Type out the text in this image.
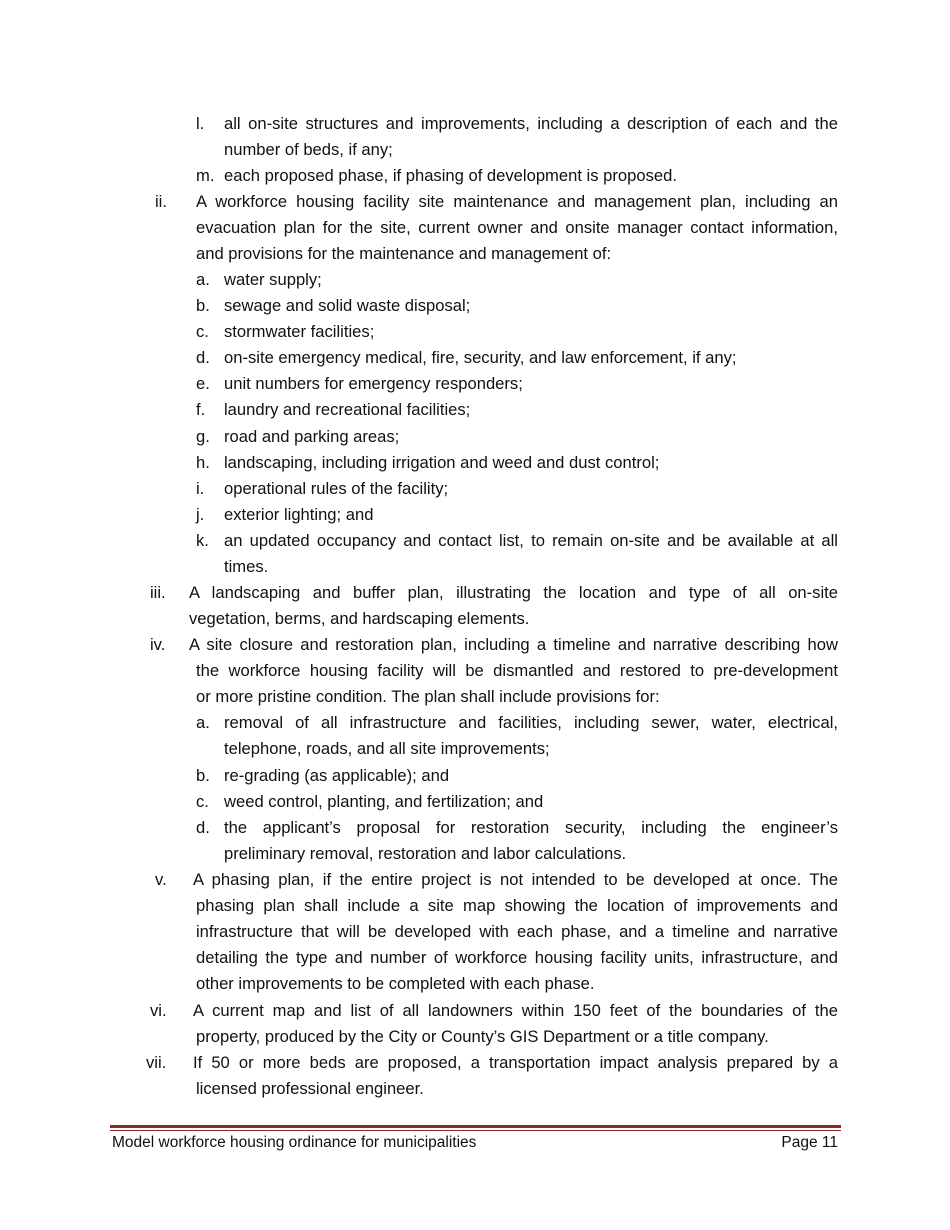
l. all on-site structures and improvements, including a description of each and the
number of beds, if any;
m. each proposed phase, if phasing of development is proposed.
ii. A workforce housing facility site maintenance and management plan, including an
evacuation plan for the site, current owner and onsite manager contact information,
and provisions for the maintenance and management of:
a. water supply;
b. sewage and solid waste disposal;
c. stormwater facilities;
d. on-site emergency medical, fire, security, and law enforcement, if any;
e. unit numbers for emergency responders;
f. laundry and recreational facilities;
g. road and parking areas;
h. landscaping, including irrigation and weed and dust control;
i. operational rules of the facility;
j. exterior lighting; and
k. an updated occupancy and contact list, to remain on-site and be available at all
times.
iii. A landscaping and buffer plan, illustrating the location and type of all on-site
vegetation, berms, and hardscaping elements.
iv. A site closure and restoration plan, including a timeline and narrative describing how
the workforce housing facility will be dismantled and restored to pre-development
or more pristine condition. The plan shall include provisions for:
a. removal of all infrastructure and facilities, including sewer, water, electrical,
telephone, roads, and all site improvements;
b. re-grading (as applicable); and
c. weed control, planting, and fertilization; and
d. the applicant’s proposal for restoration security, including the engineer’s
preliminary removal, restoration and labor calculations.
v. A phasing plan, if the entire project is not intended to be developed at once. The
phasing plan shall include a site map showing the location of improvements and
infrastructure that will be developed with each phase, and a timeline and narrative
detailing the type and number of workforce housing facility units, infrastructure, and
other improvements to be completed with each phase.
vi. A current map and list of all landowners within 150 feet of the boundaries of the
property, produced by the City or County’s GIS Department or a title company.
vii. If 50 or more beds are proposed, a transportation impact analysis prepared by a
licensed professional engineer.
Model workforce housing ordinance for municipalities	Page 11
